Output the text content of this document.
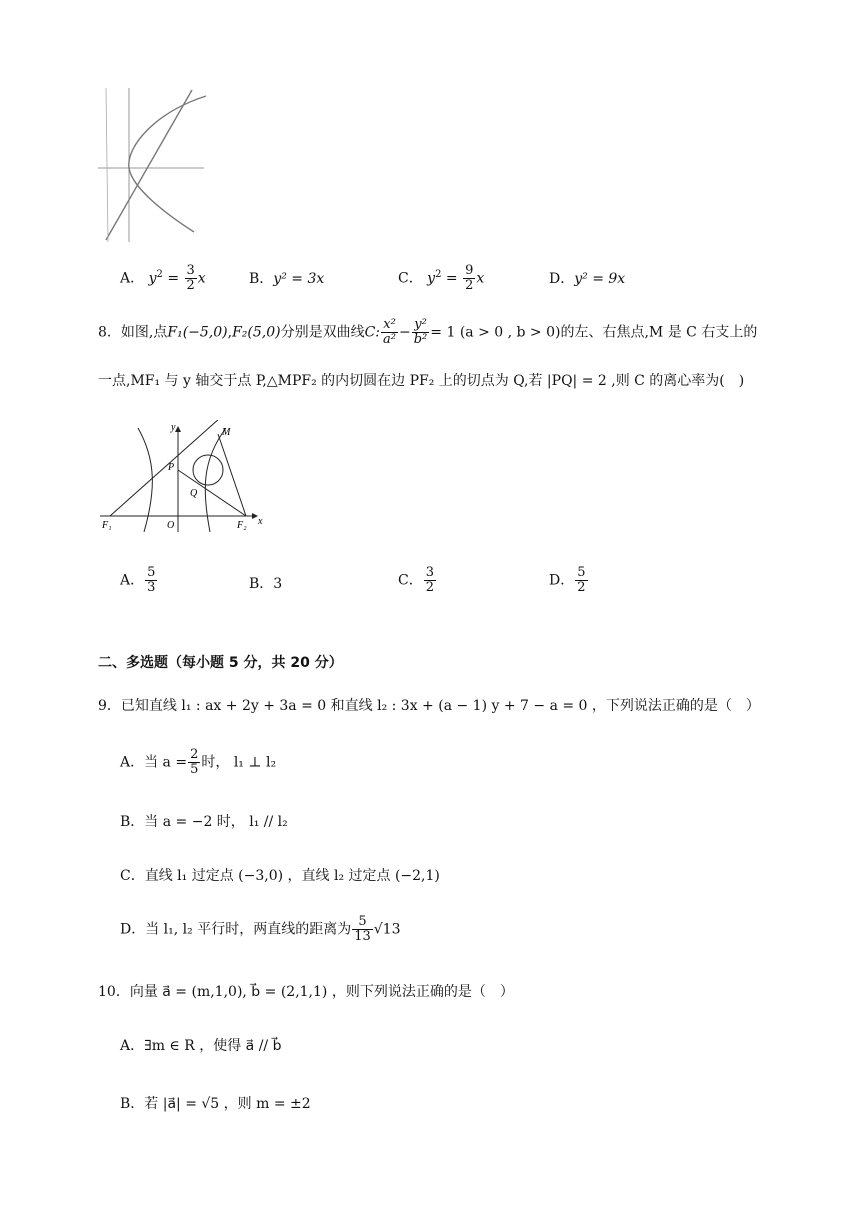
A． $y^2 = \frac{3}{2}$ x	B．y² = 3x	C． $y^2 = \frac{9}{2}$ x	D．y² = 9x
8．如图,点F₁(−5,0),F₂(5,0)分别是双曲线C: $\frac{\text{x²}}{\text{a²}} - \frac{\text{y²}}{\text{b²}} = 1$ (a > 0 , b > 0)的左、右焦点,M 是 C 右支上的
一点,MF₁ 与 y 轴交于点 P,△MPF₂ 的内切圆在边 PF₂ 上的切点为 Q,若 |PQ| = 2 ,则 C 的离心率为(　)
y	M
P
Q
F₁	O	F₂ x
A． $\frac{5}{3}$	B．3	C． $\frac{3}{2}$	D． $\frac{5}{2}$
二、多选题（每小题 5 分，共 20 分）
9．已知直线 l₁ : ax + 2y + 3a = 0 和直线 l₂ : 3x + (a − 1) y + 7 − a = 0 ，下列说法正确的是（　）
A．当 $a = \frac{2}{5}$ 时， l₁ ⊥ l₂
B．当 a = −2 时， l₁ // l₂
C．直线 l₁ 过定点 (−3,0) ，直线 l₂ 过定点 (−2,1)
D．当 l₁, l₂ 平行时，两直线的距离为 $\frac{5}{13} √13$
10．向量 a⃗ = (m,1,0), b⃗ = (2,1,1) ，则下列说法正确的是（　）
A．∃m ∈ R ，使得 a⃗ // b⃗
B．若 |a⃗| = √5 ，则 m = ±2
